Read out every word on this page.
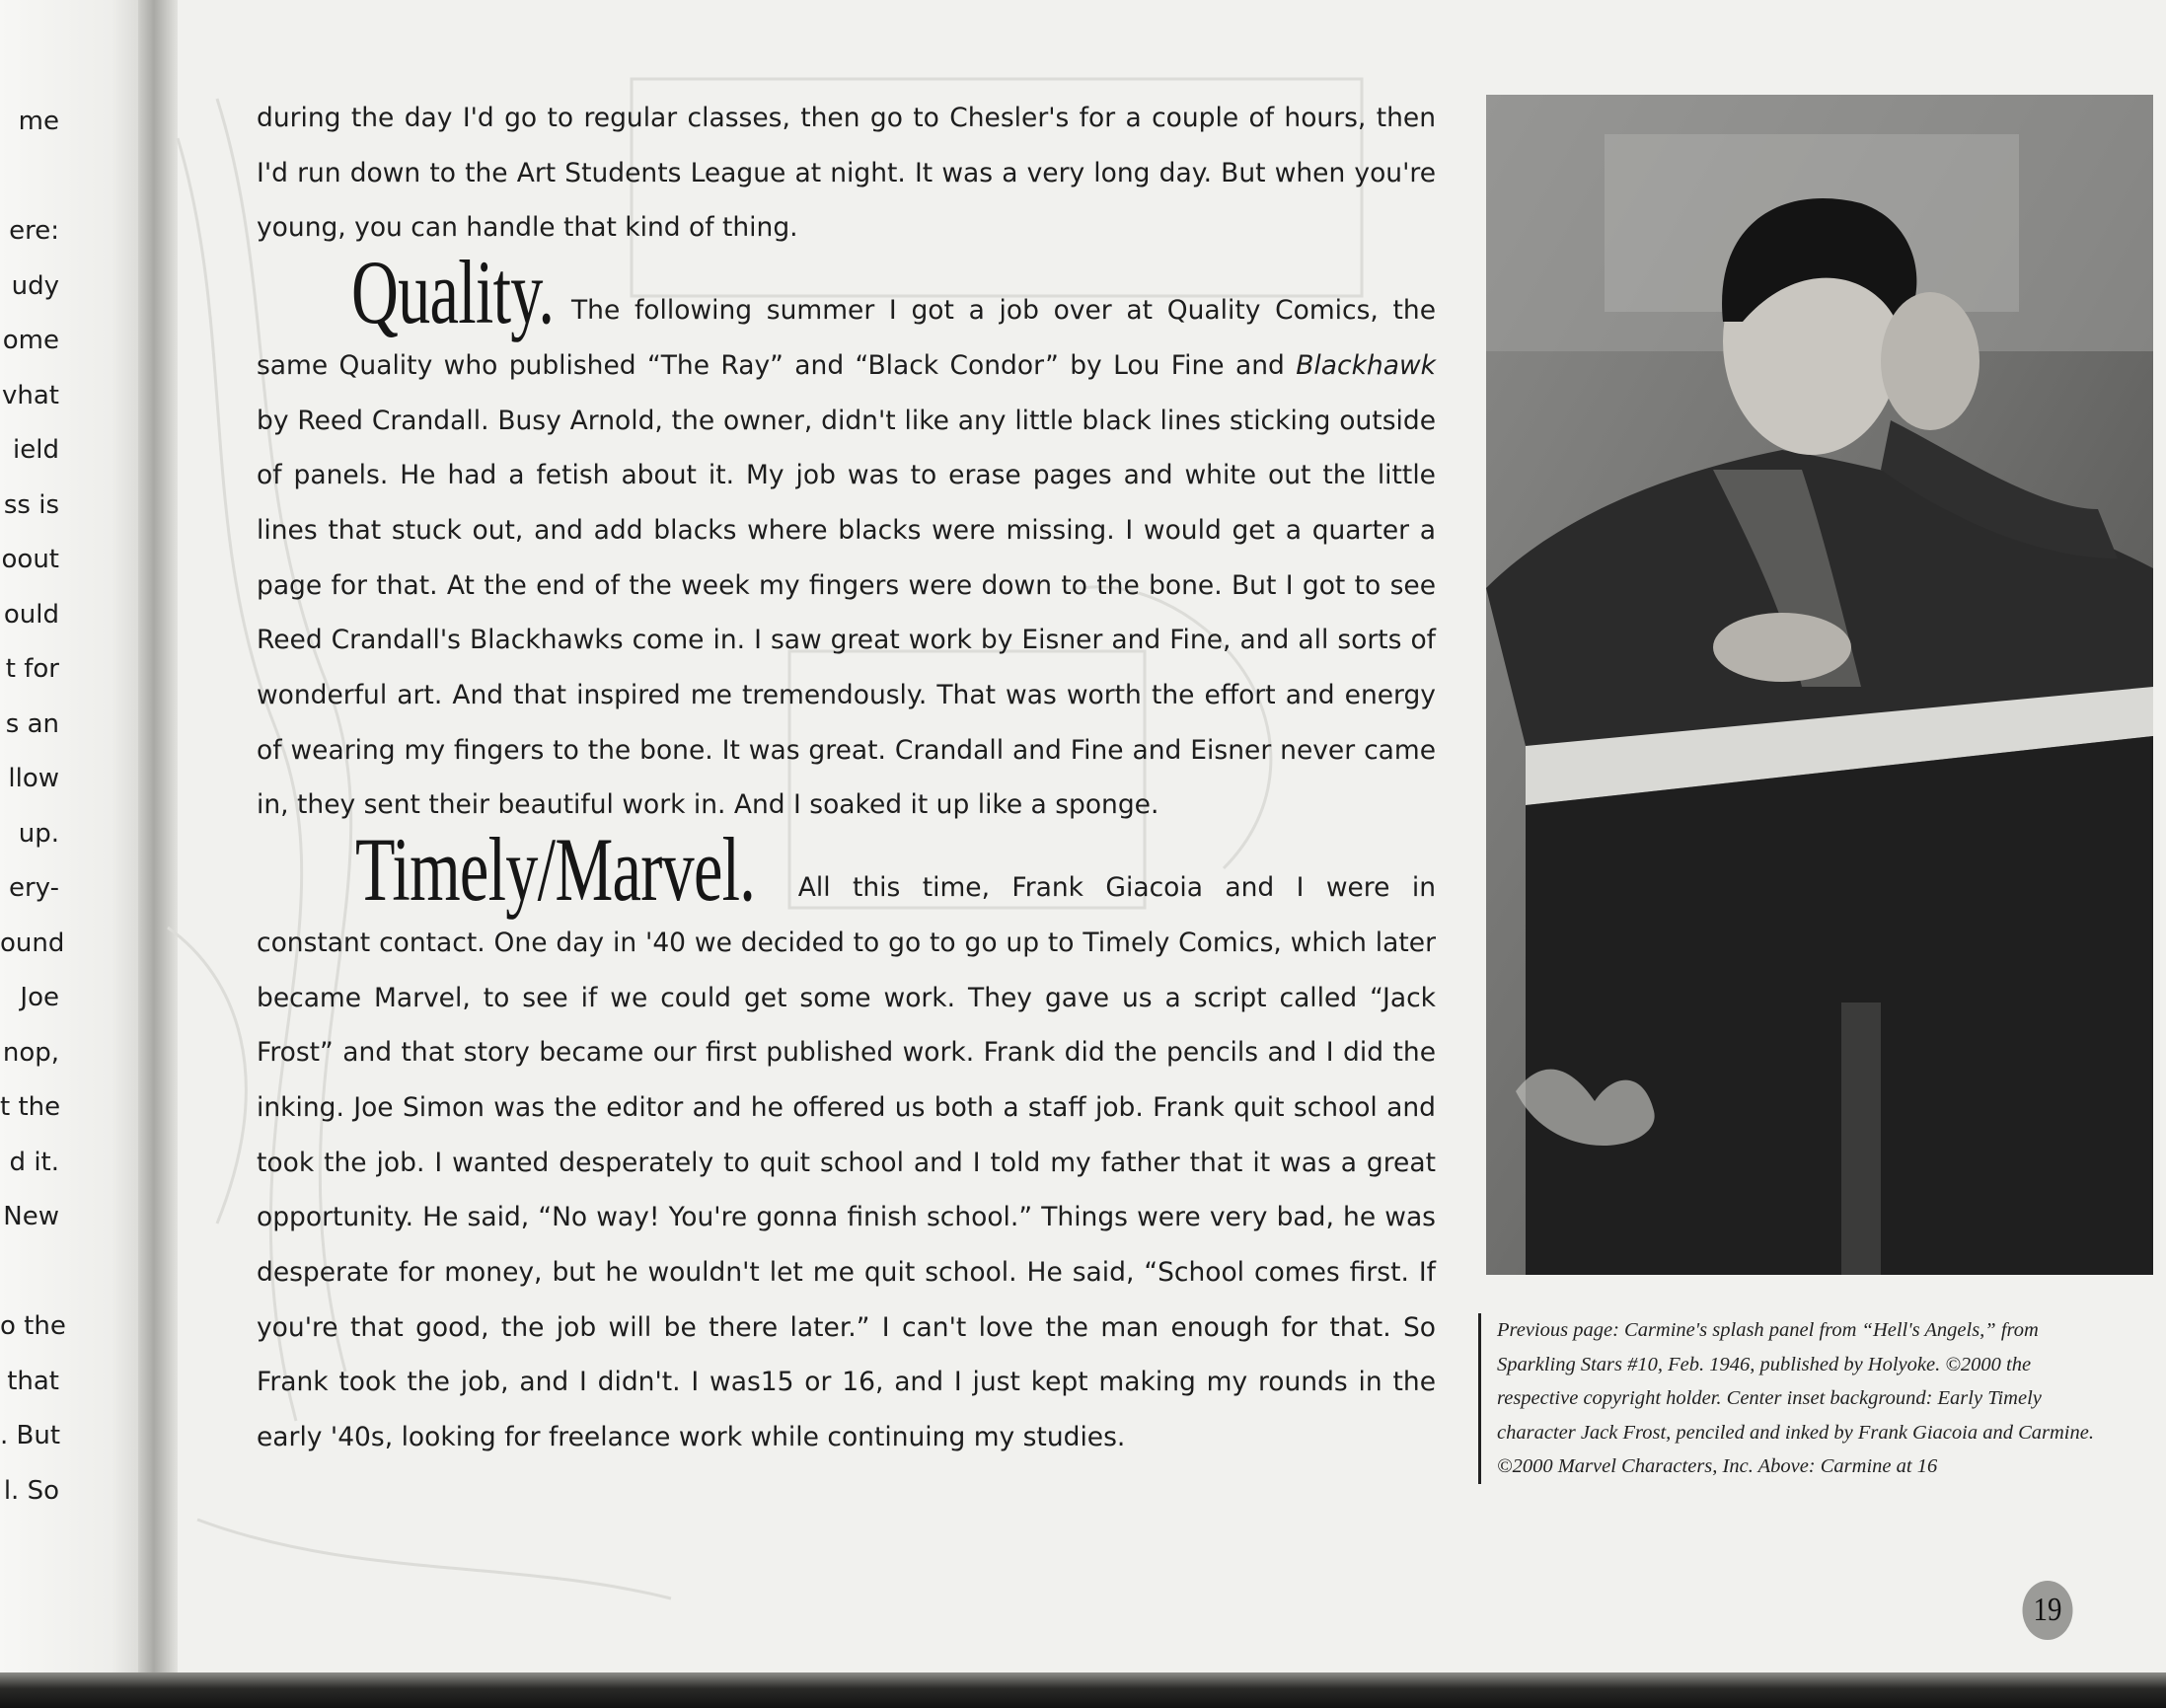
me

ere:
udy
ome
vhat
ield
ss is
oout
ould
t for
s an
llow
up.
ery-
ound
Joe
nop,
t the
d it.
New

o the
that
. But
l. So

during the day I'd go to regular classes, then go to Chesler's for a couple of hours, then I'd run down to the Art Students League at night. It was a very long day. But when you're young, you can handle that kind of thing.

Quality. The following summer I got a job over at Quality Comics, the same Quality who published “The Ray” and “Black Condor” by Lou Fine and Blackhawk by Reed Crandall. Busy Arnold, the owner, didn't like any little black lines sticking outside of panels. He had a fetish about it. My job was to erase pages and white out the little lines that stuck out, and add blacks where blacks were missing. I would get a quarter a page for that. At the end of the week my fingers were down to the bone. But I got to see Reed Crandall's Blackhawks come in. I saw great work by Eisner and Fine, and all sorts of wonderful art. And that inspired me tremendously. That was worth the effort and energy of wearing my fingers to the bone. It was great. Crandall and Fine and Eisner never came in, they sent their beautiful work in. And I soaked it up like a sponge.

Timely/Marvel. All this time, Frank Giacoia and I were in constant contact. One day in '40 we decided to go to go up to Timely Comics, which later became Marvel, to see if we could get some work. They gave us a script called “Jack Frost” and that story became our first published work. Frank did the pencils and I did the inking. Joe Simon was the editor and he offered us both a staff job. Frank quit school and took the job. I wanted desperately to quit school and I told my father that it was a great opportunity. He said, “No way! You're gonna finish school.” Things were very bad, he was desperate for money, but he wouldn't let me quit school. He said, “School comes first. If you're that good, the job will be there later.” I can't love the man enough for that. So Frank took the job, and I didn't. I was15 or 16, and I just kept making my rounds in the early '40s, looking for freelance work while continuing my studies.

Previous page: Carmine's splash panel from “Hell's Angels,” from Sparkling Stars #10, Feb. 1946, published by Holyoke. ©2000 the respective copyright holder. Center inset background: Early Timely character Jack Frost, penciled and inked by Frank Giacoia and Carmine. ©2000 Marvel Characters, Inc. Above: Carmine at 16
19
